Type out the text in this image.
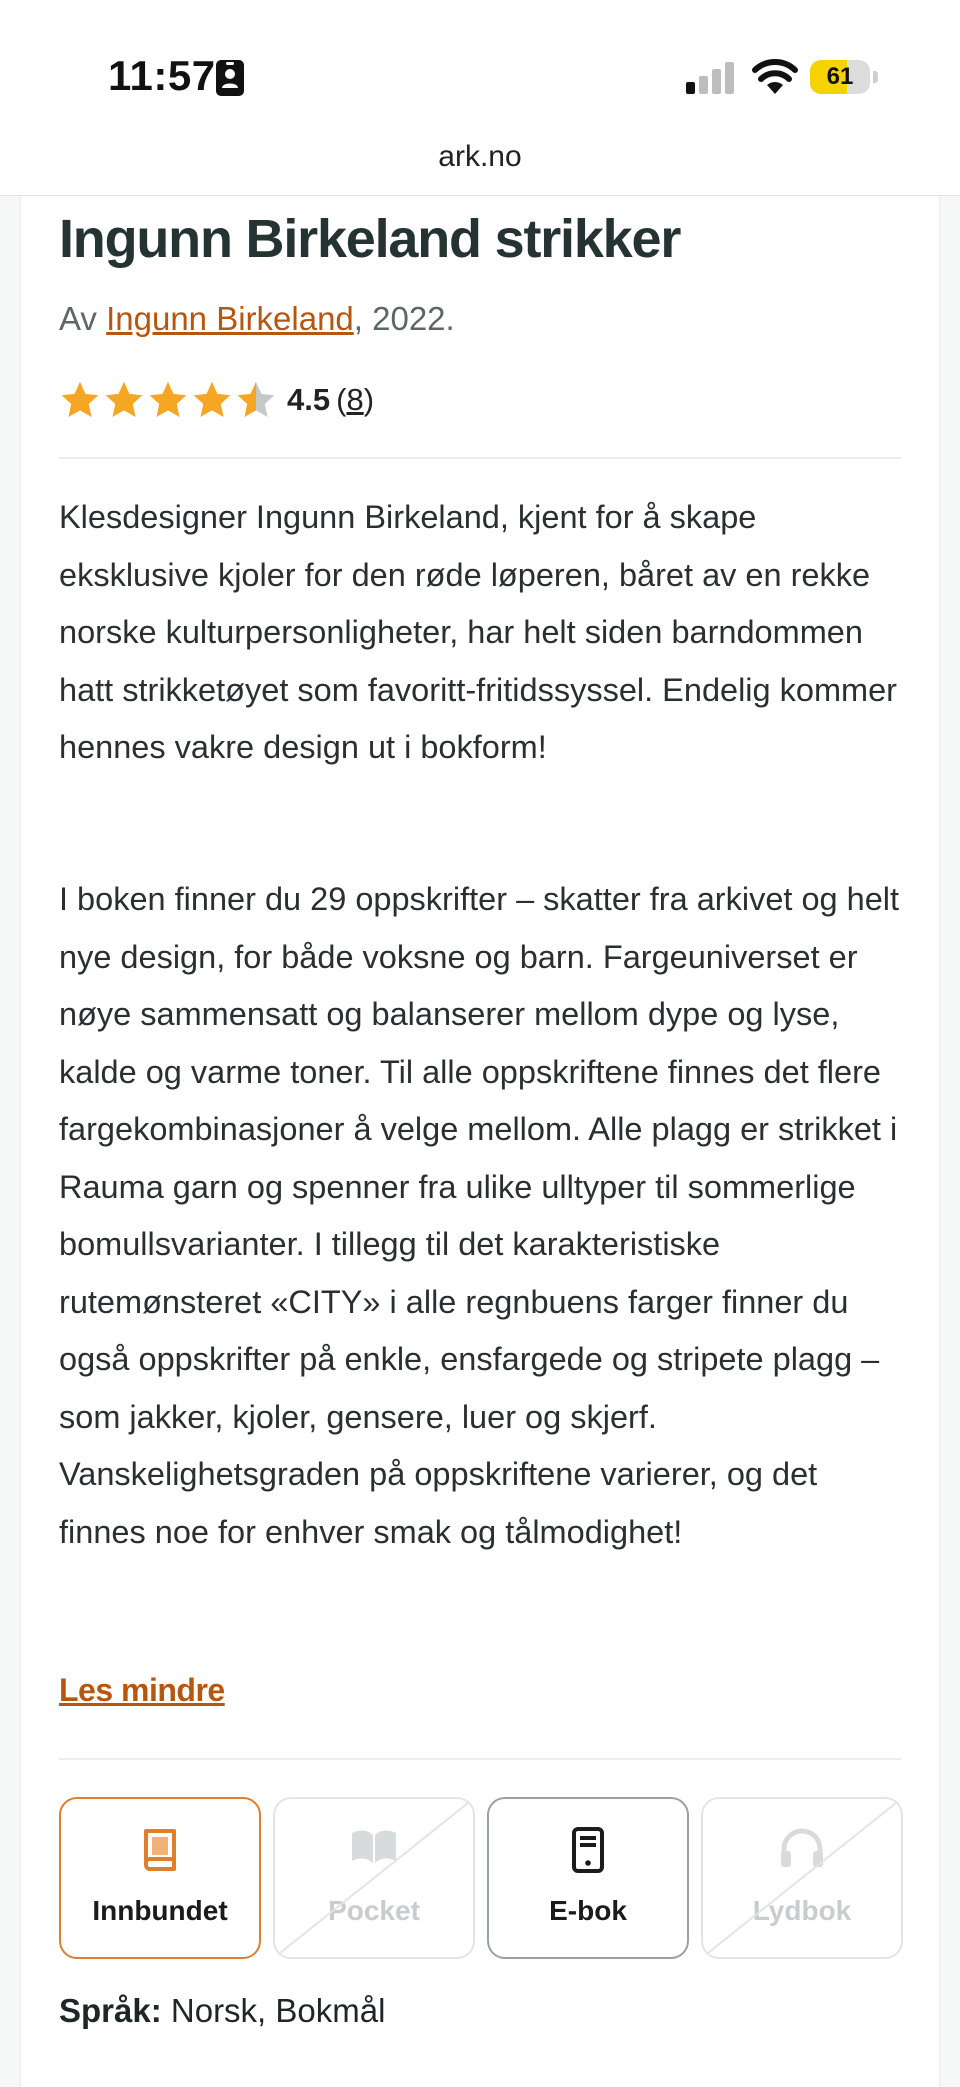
11:57	61
ark.no
Ingunn Birkeland strikker
Av Ingunn Birkeland, 2022.
4.5 (8)

Klesdesigner Ingunn Birkeland, kjent for å skape eksklusive kjoler for den røde løperen, båret av en rekke norske kulturpersonligheter, har helt siden barndommen hatt strikketøyet som favoritt-fritidssyssel. Endelig kommer hennes vakre design ut i bokform!

I boken finner du 29 oppskrifter – skatter fra arkivet og helt nye design, for både voksne og barn. Fargeuniverset er nøye sammensatt og balanserer mellom dype og lyse, kalde og varme toner. Til alle oppskriftene finnes det flere fargekombinasjoner å velge mellom. Alle plagg er strikket i Rauma garn og spenner fra ulike ulltyper til sommerlige bomullsvarianter. I tillegg til det karakteristiske rutemønsteret «CITY» i alle regnbuens farger finner du også oppskrifter på enkle, ensfargede og stripete plagg – som jakker, kjoler, gensere, luer og skjerf. Vanskelighetsgraden på oppskriftene varierer, og det finnes noe for enhver smak og tålmodighet!

Les mindre
Innbundet	Pocket	E-bok	Lydbok
Språk: Norsk, Bokmål
